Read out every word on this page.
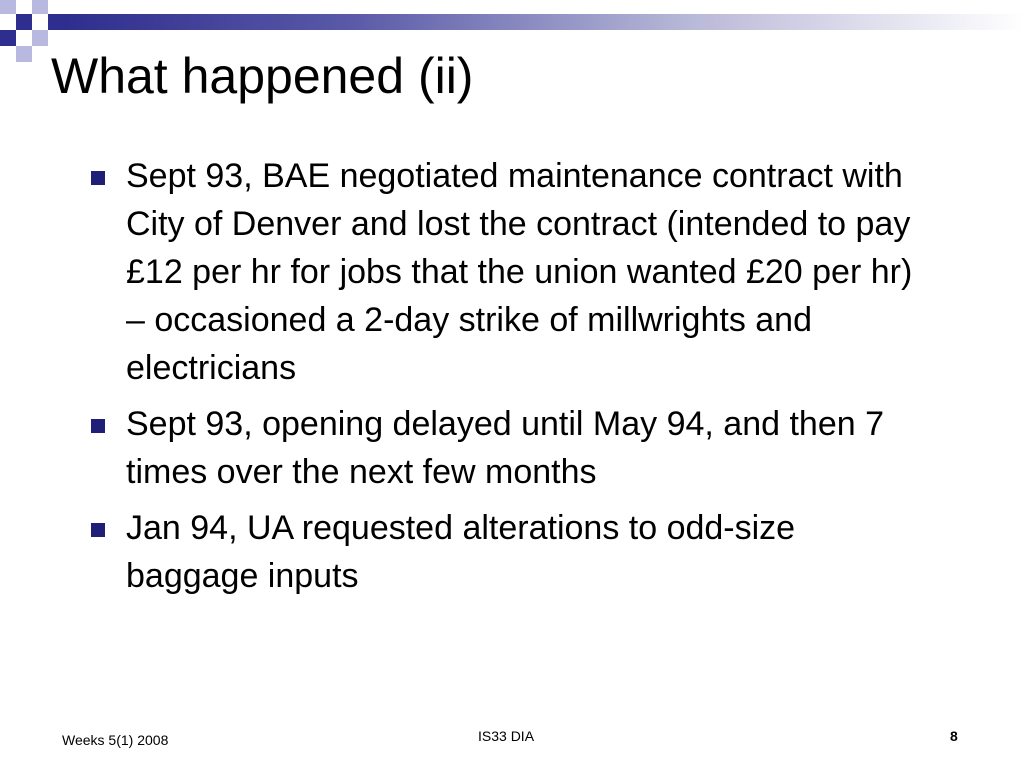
What happened (ii)
Sept 93, BAE negotiated maintenance contract with City of Denver and lost the contract (intended to pay £12 per hr for jobs that the union wanted £20 per hr) – occasioned a 2-day strike of millwrights and electricians
Sept 93, opening delayed until May 94, and then 7 times over the next few months
Jan 94, UA requested alterations to odd-size baggage inputs
Weeks 5(1) 2008	IS33 DIA	8
